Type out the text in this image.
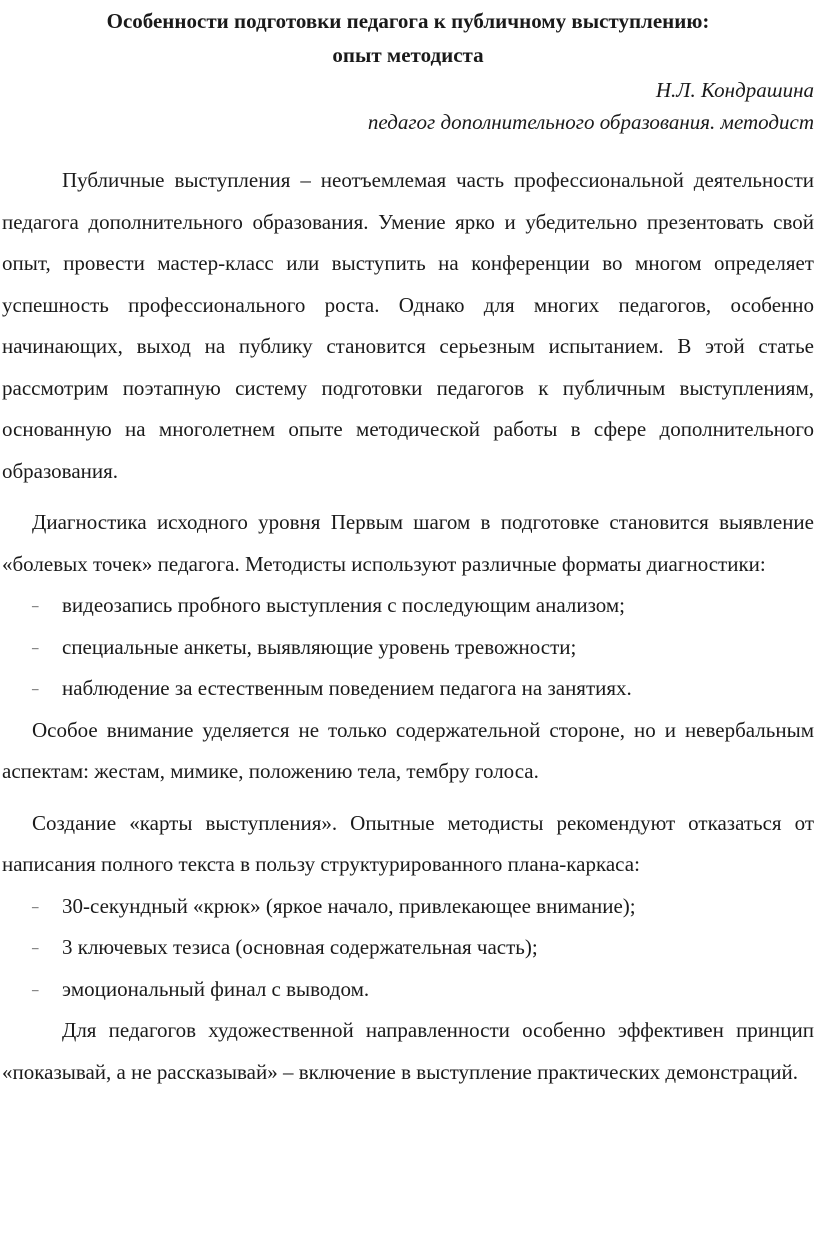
Особенности подготовки педагога к публичному выступлению:
опыт методиста
Н.Л. Кондрашина
педагог дополнительного образования. методист

Публичные выступления – неотъемлемая часть профессиональной деятельности педагога дополнительного образования. Умение ярко и убедительно презентовать свой опыт, провести мастер-класс или выступить на конференции во многом определяет успешность профессионального роста. Однако для многих педагогов, особенно начинающих, выход на публику становится серьезным испытанием. В этой статье рассмотрим поэтапную систему подготовки педагогов к публичным выступлениям, основанную на многолетнем опыте методической работы в сфере дополнительного образования.

Диагностика исходного уровня Первым шагом в подготовке становится выявление «болевых точек» педагога. Методисты используют различные форматы диагностики:

– видеозапись пробного выступления с последующим анализом;
– специальные анкеты, выявляющие уровень тревожности;
– наблюдение за естественным поведением педагога на занятиях.

Особое внимание уделяется не только содержательной стороне, но и невербальным аспектам: жестам, мимике, положению тела, тембру голоса.

Создание «карты выступления». Опытные методисты рекомендуют отказаться от написания полного текста в пользу структурированного плана-каркаса:

– 30-секундный «крюк» (яркое начало, привлекающее внимание);
– 3 ключевых тезиса (основная содержательная часть);
– эмоциональный финал с выводом.

Для педагогов художественной направленности особенно эффективен принцип «показывай, а не рассказывай» – включение в выступление практических демонстраций.
